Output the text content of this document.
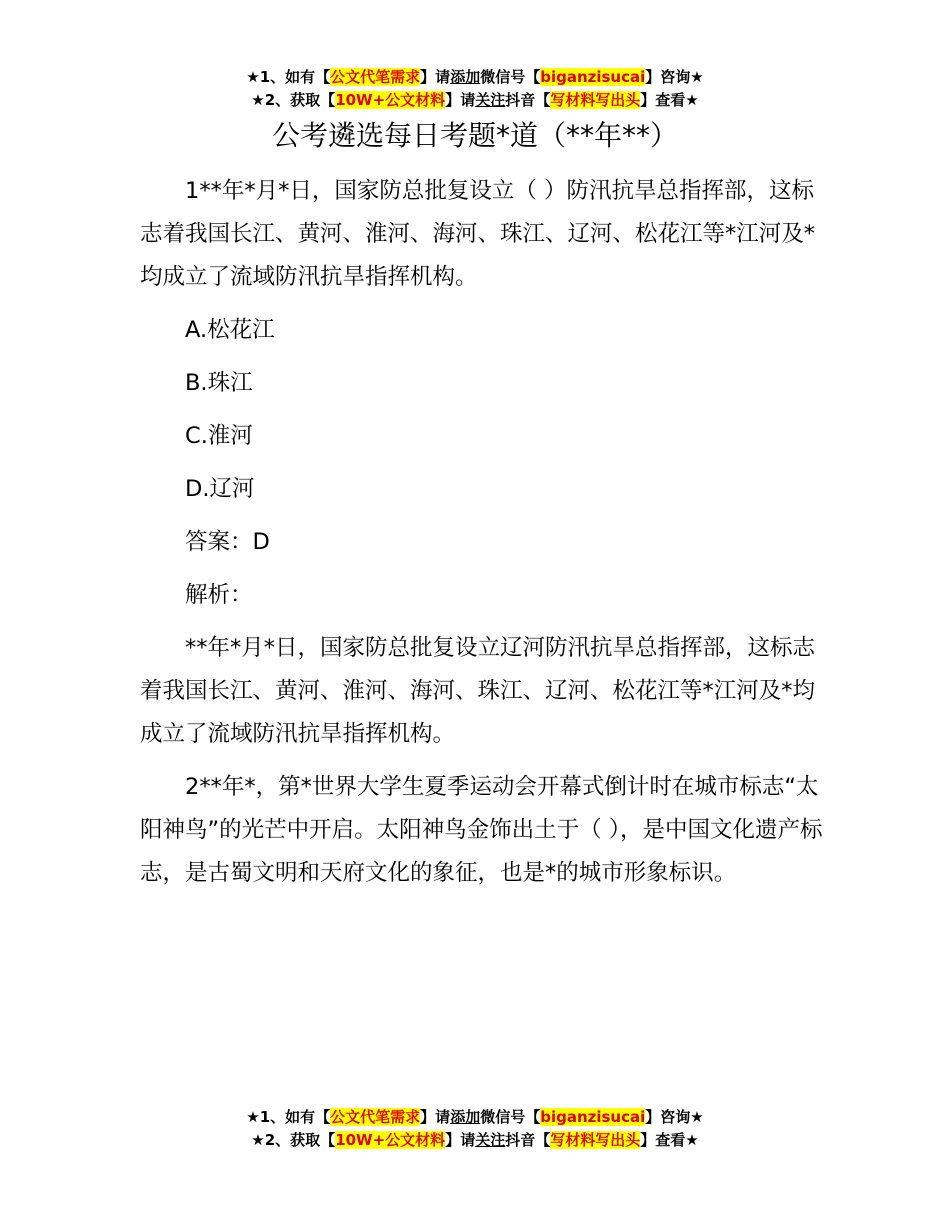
★1、如有【公文代笔需求】请添加微信号【biganzisucai】咨询★
★2、获取【10W+公文材料】请关注抖音【写材料写出头】查看★
公考遴选每日考题*道（**年**）

1**年*月*日，国家防总批复设立（ ）防汛抗旱总指挥部，这标志着我国长江、黄河、淮河、海河、珠江、辽河、松花江等*江河及*均成立了流域防汛抗旱指挥机构。

A.松花江

B.珠江

C.淮河

D.辽河

答案：D

解析：

**年*月*日，国家防总批复设立辽河防汛抗旱总指挥部，这标志着我国长江、黄河、淮河、海河、珠江、辽河、松花江等*江河及*均成立了流域防汛抗旱指挥机构。

2**年*，第*世界大学生夏季运动会开幕式倒计时在城市标志“太阳神鸟”的光芒中开启。太阳神鸟金饰出土于（ ），是中国文化遗产标志，是古蜀文明和天府文化的象征，也是*的城市形象标识。

★1、如有【公文代笔需求】请添加微信号【biganzisucai】咨询★
★2、获取【10W+公文材料】请关注抖音【写材料写出头】查看★
